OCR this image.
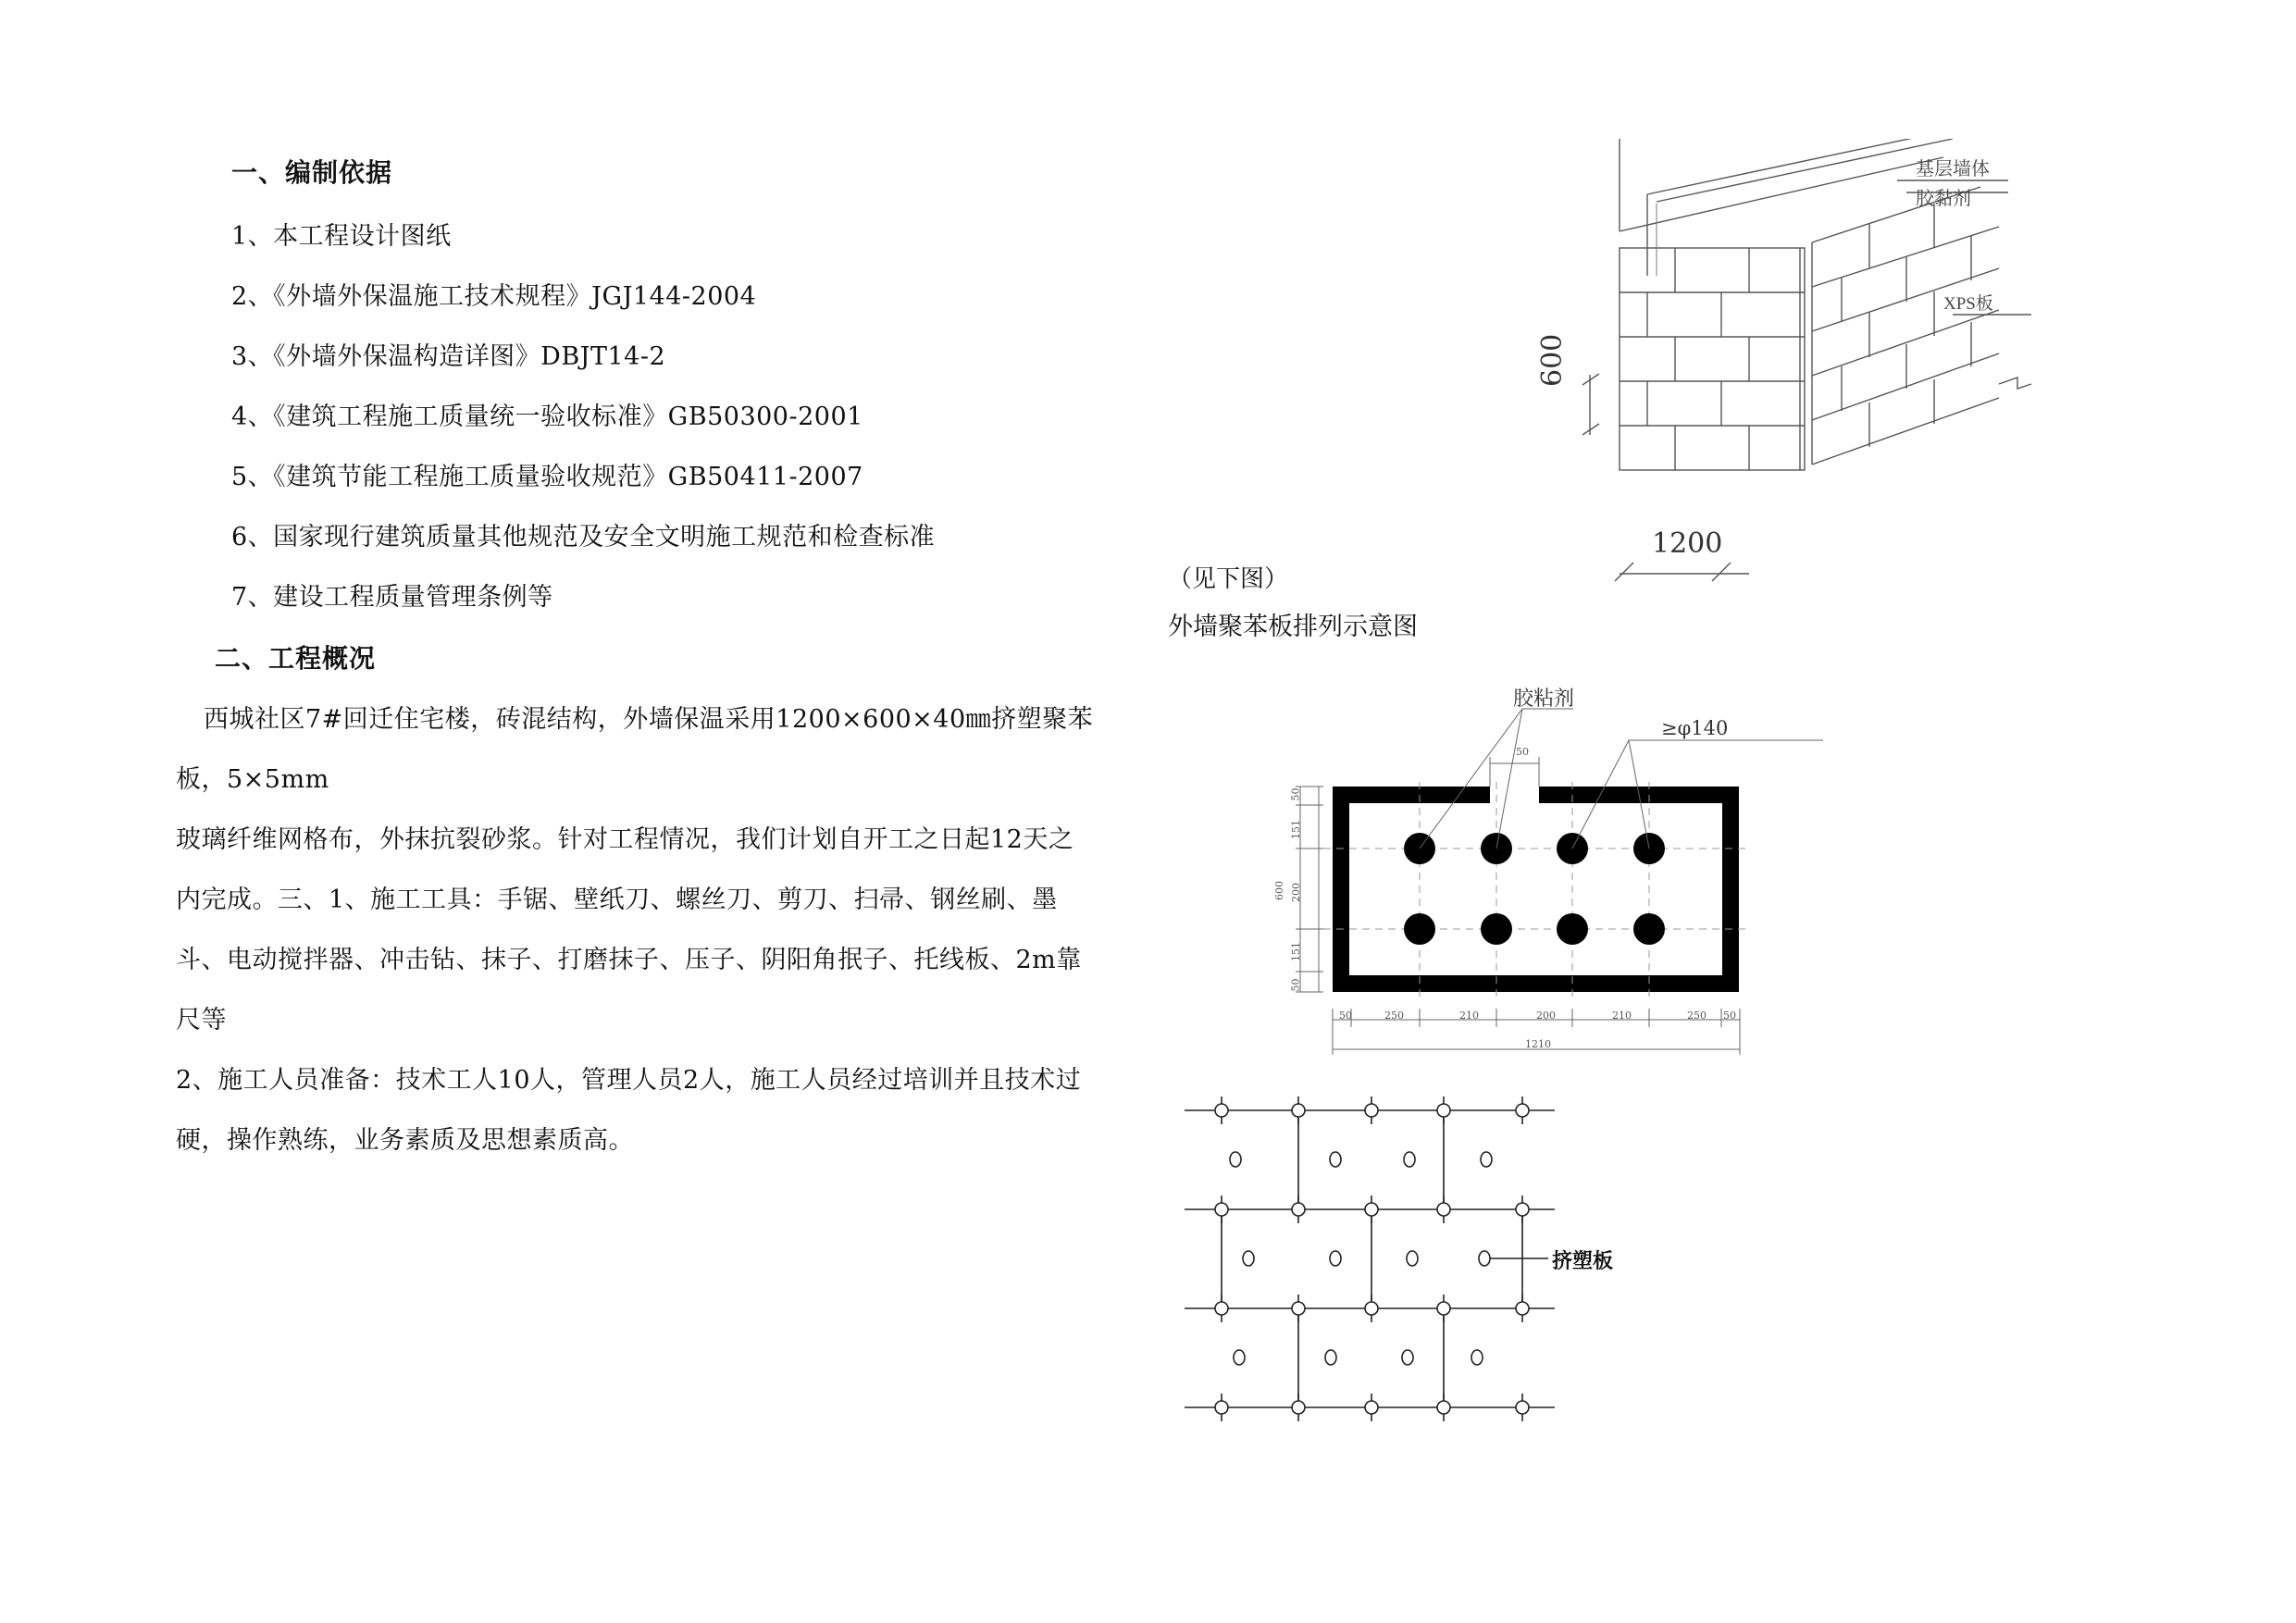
一、编制依据
1、本工程设计图纸
2、《外墙外保温施工技术规程》JGJ144-2004
3、《外墙外保温构造详图》DBJT14-2
4、《建筑工程施工质量统一验收标准》GB50300-2001
5、《建筑节能工程施工质量验收规范》GB50411-2007
6、国家现行建筑质量其他规范及安全文明施工规范和检查标准
7、建设工程质量管理条例等
二、工程概况
西城社区7#回迁住宅楼，砖混结构，外墙保温采用1200×600×40㎜挤塑聚苯
板，5×5mm
玻璃纤维网格布，外抹抗裂砂浆。针对工程情况，我们计划自开工之日起12天之
内完成。三、1、施工工具：手锯、壁纸刀、螺丝刀、剪刀、扫帚、钢丝刷、墨
斗、电动搅拌器、冲击钻、抹子、打磨抹子、压子、阴阳角抿子、托线板、2m靠
尺等
2、施工人员准备：技术工人10人，管理人员2人，施工人员经过培训并且技术过
硬，操作熟练，业务素质及思想素质高。
基层墙体
胶黏剂
XPS板
600
1200
（见下图）
外墙聚苯板排列示意图
胶粘剂
≥φ140
50
50
151
200
151
50
600
50	250	210	200	210	250 50
1210
挤塑板
